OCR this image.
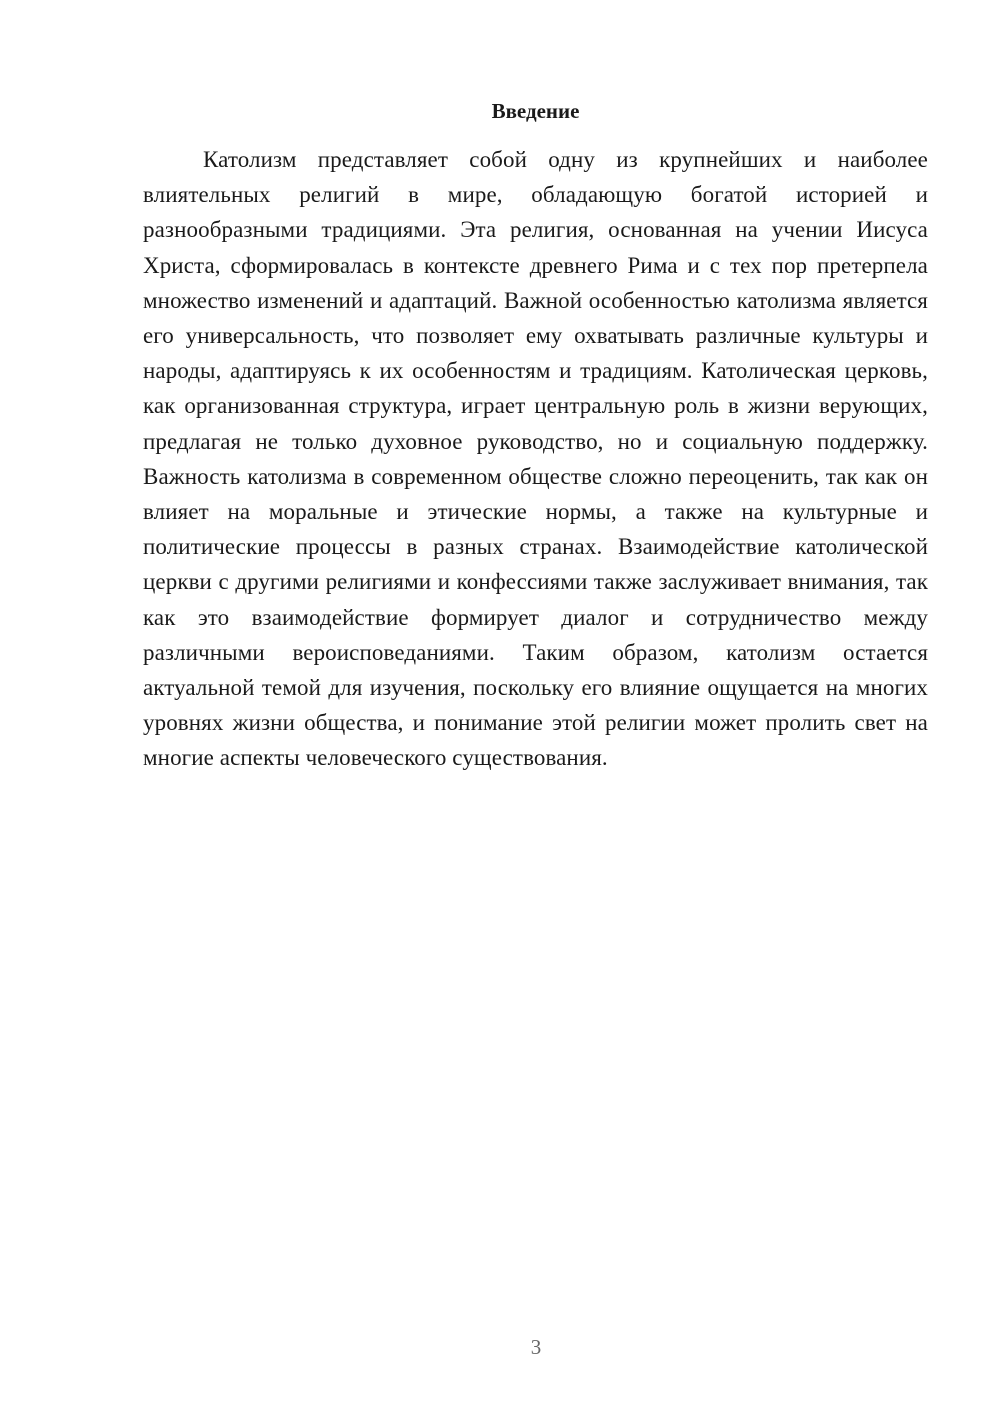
Введение

Католизм представляет собой одну из крупнейших и наиболее влиятельных религий в мире, обладающую богатой историей и разнообразными традициями. Эта религия, основанная на учении Иисуса Христа, сформировалась в контексте древнего Рима и с тех пор претерпела множество изменений и адаптаций. Важной особенностью католизма является его универсальность, что позволяет ему охватывать различные культуры и народы, адаптируясь к их особенностям и традициям. Католическая церковь, как организованная структура, играет центральную роль в жизни верующих, предлагая не только духовное руководство, но и социальную поддержку. Важность католизма в современном обществе сложно переоценить, так как он влияет на моральные и этические нормы, а также на культурные и политические процессы в разных странах. Взаимодействие католической церкви с другими религиями и конфессиями также заслуживает внимания, так как это взаимодействие формирует диалог и сотрудничество между различными вероисповеданиями. Таким образом, католизм остается актуальной темой для изучения, поскольку его влияние ощущается на многих уровнях жизни общества, и понимание этой религии может пролить свет на многие аспекты человеческого существования.

3
